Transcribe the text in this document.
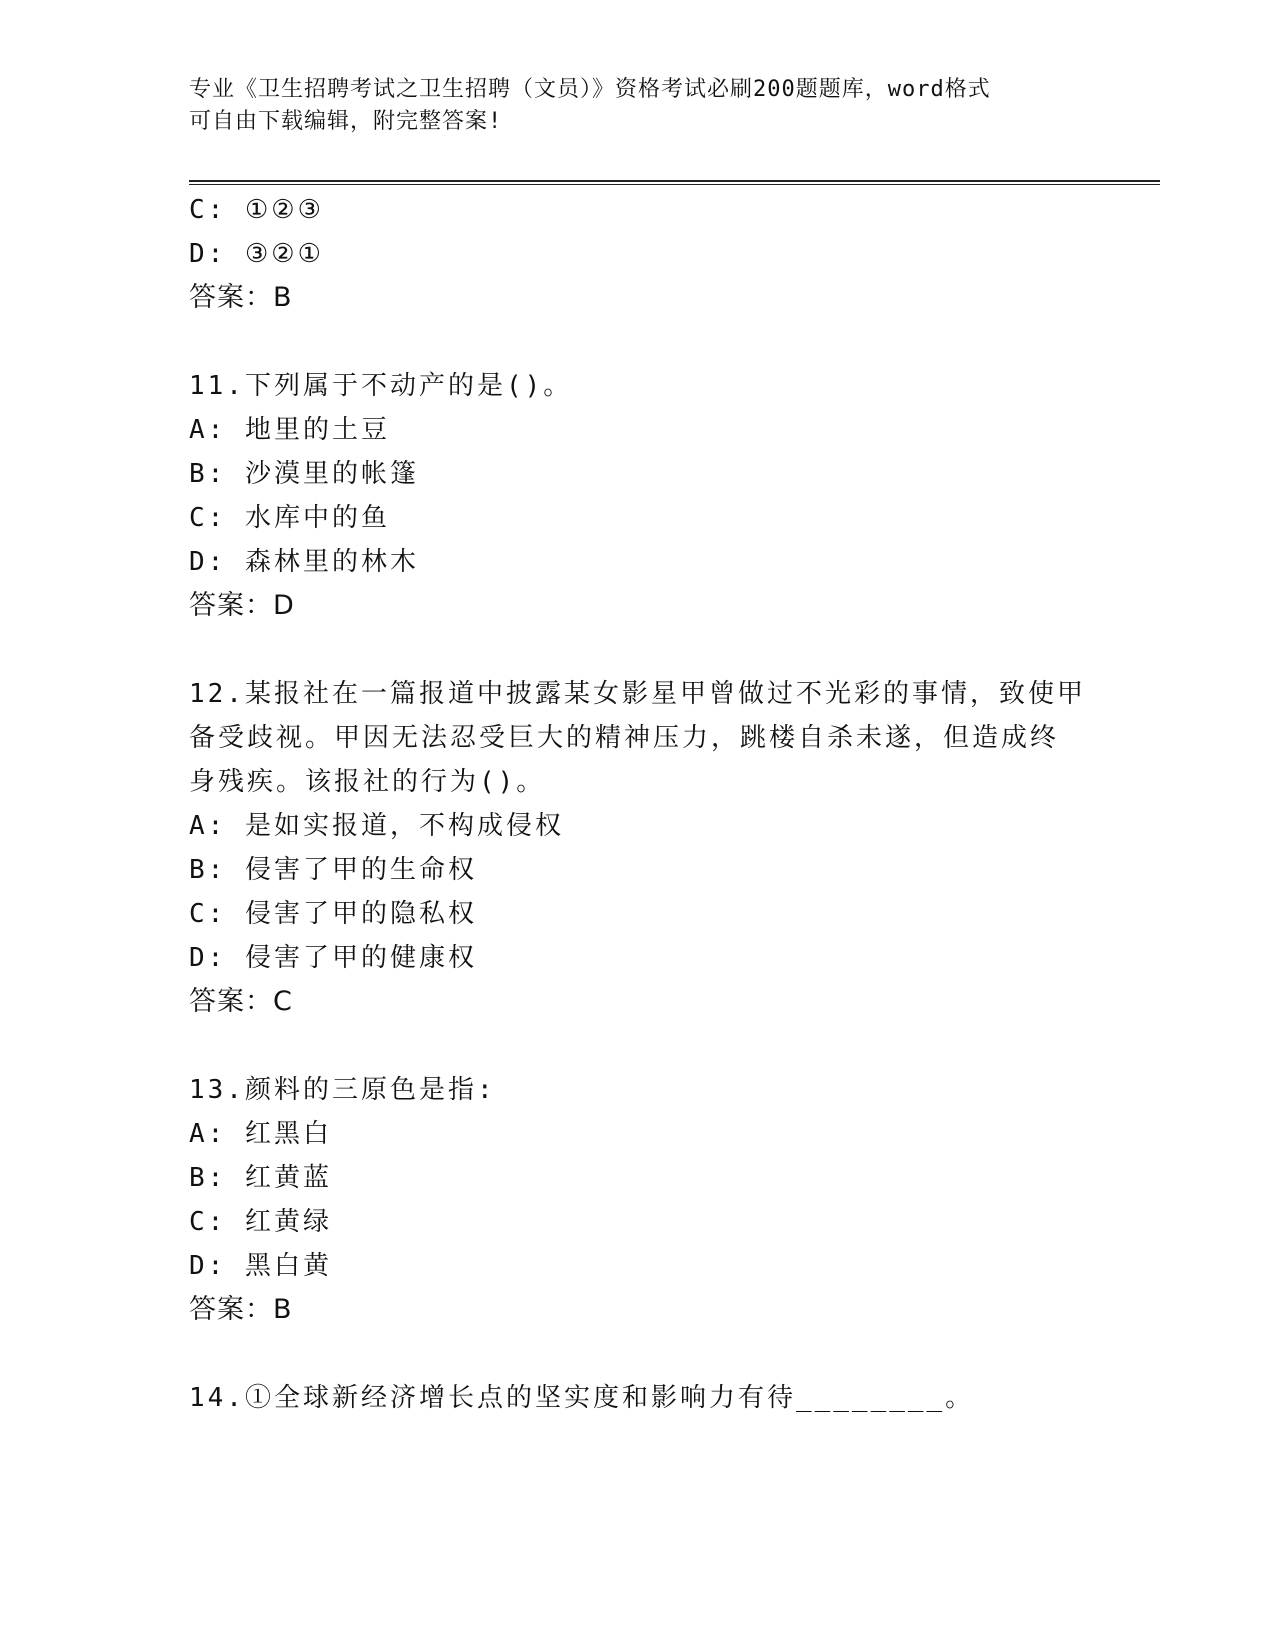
专业《卫生招聘考试之卫生招聘（文员）》资格考试必刷200题题库，word格式
可自由下载编辑，附完整答案!
C: ①②③
D: ③②①
答案：B
11.下列属于不动产的是()。
A: 地里的土豆
B: 沙漠里的帐篷
C: 水库中的鱼
D: 森林里的林木
答案：D
12.某报社在一篇报道中披露某女影星甲曾做过不光彩的事情，致使甲
备受歧视。甲因无法忍受巨大的精神压力，跳楼自杀未遂，但造成终
身残疾。该报社的行为()。
A: 是如实报道，不构成侵权
B: 侵害了甲的生命权
C: 侵害了甲的隐私权
D: 侵害了甲的健康权
答案：C
13.颜料的三原色是指:
A: 红黑白
B: 红黄蓝
C: 红黄绿
D: 黑白黄
答案：B
14.①全球新经济增长点的坚实度和影响力有待________。
